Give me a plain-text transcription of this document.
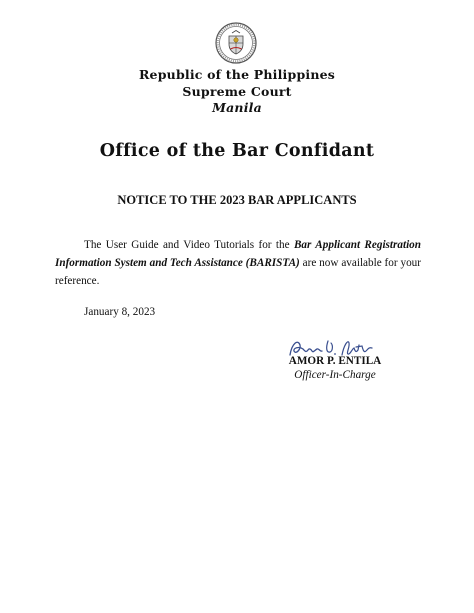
Republic of the Philippines
Supreme Court
Manila
Office of the Bar Confidant
NOTICE TO THE 2023 BAR APPLICANTS
The User Guide and Video Tutorials for the Bar Applicant Registration Information System and Tech Assistance (BARISTA) are now available for your reference.
January 8, 2023
AMOR P. ENTILA
Officer-In-Charge
